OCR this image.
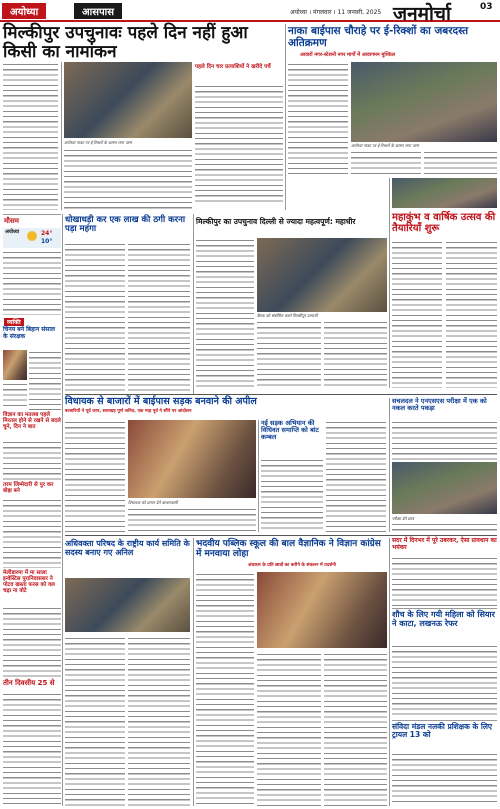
अयोध्या	आसपास	अयोध्या । मंगलवार । 11 जनवरी, 2025 जनमोर्चा	03
मिल्कीपुर उपचुनावः पहले दिन नहीं हुआ किसी का नामांकन
नाका बाईपास चौराहे पर ई-रिक्शों का जबरदस्त अतिक्रमण
आवारों नगर-स्टेशनों नगर मार्गों में आवागमन मुश्किल
पहले दिन चार प्रत्याशियों ने खरीदे पर्चे
अयोध्या नाका पर ई-रिक्शों के कारण लगा जाम
अयोध्या नाका पर ई-रिक्शों के कारण लगा जाम
मौसम
अयोध्या	24°
10°
व्यक्ति
चिनय बने बिहान संसाल के संरक्षक
विज्ञान का मतलब पहले मिरतल होने से रखने से बदले चुने, दिन ने बात
तरम जिम्मेदारी से पुर कर बोझ बने
मेलीडारमा में मा साला इन्वेस्टिस पुरानिवाससर ने पोटव खस्ता फरस को वल चढ़ा ना वोटे
तीन दिवसीय 25 से
धोखाधड़ी कर एक लाख की ठगी करना पड़ा महंगा
मिल्कीपुर का उपचुनाव दिल्ली से ज्यादा महत्वपूर्ण: महाधीर
बैठक को संबोधित करते मिल्कीपुर प्रत्याशी
महाकुंभ व वार्षिक उत्सव की तैयारियाँ शुरू
विधायक से बाजारों में बाईपास सड़क बनवाने की अपील
बाजारियों ने पूर्व जाप, सत्याग्रह पूर्ण जनित, एक माह पूर्व ने सौंपे पर आंदोलन
विधायक को ज्ञापन देते बाजारवासी
नई सड़क अभियान की विधिवत समाप्ति को बांट कम्बल
सचलदल ने एनएसएस परीक्षा में एक को नकल करते पकड़ा
परीक्षा देते छात्र
सदर में दिनभर में पूरे उबरकर, ऐसा प्रावधान का भयंकर
अधिवक्ता परिषद के राष्ट्रीय कार्य समिति के सदस्य बनाए गए अनिल
भदवीय पब्लिक स्कूल की बाल वैज्ञानिक ने विज्ञान कांग्रेस में मनवाया लोहा
अंधकार के प्रति छात्रों का करीने के संकलन में प्रदर्शनी
शौच के लिए गयी महिला को सियार ने काटा, लखनऊ रेफर
संविदा मंडल नलकी प्रशिक्षक के लिए ट्रायल 13 को
